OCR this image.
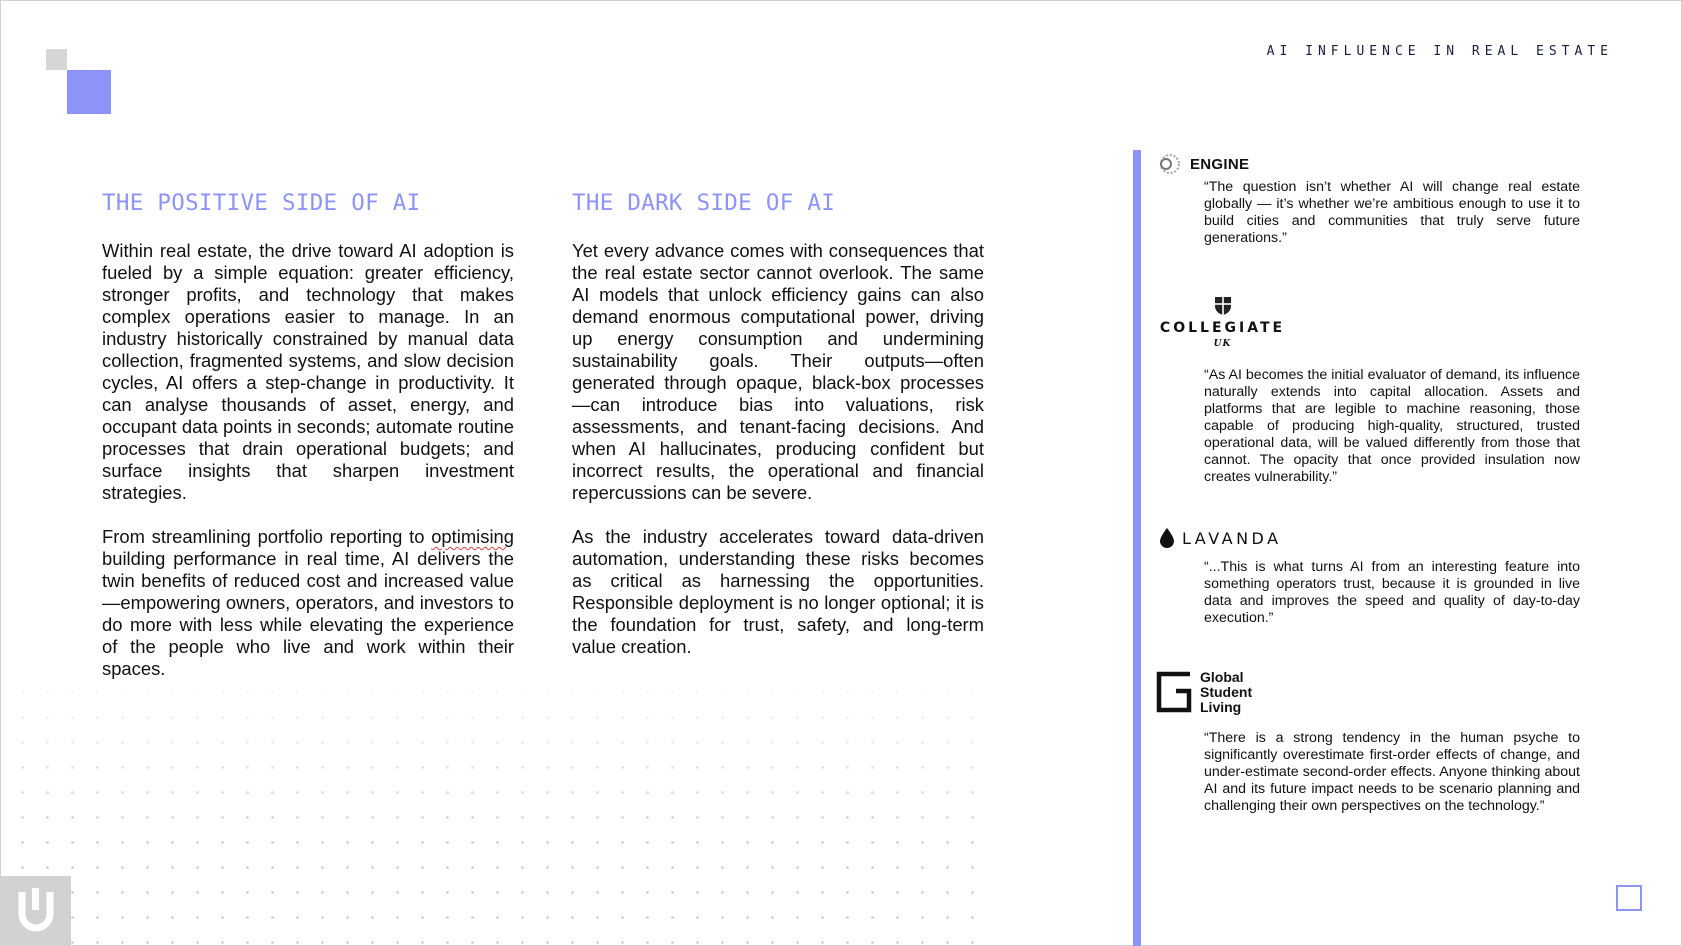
AI INFLUENCE IN REAL ESTATE
THE POSITIVE SIDE OF AI

Within real estate, the drive toward AI adoption is fueled by a simple equation: greater efficiency, stronger profits, and technology that makes complex operations easier to manage. In an industry historically constrained by manual data collection, fragmented systems, and slow decision cycles, AI offers a step-change in productivity. It can analyse thousands of asset, energy, and occupant data points in seconds; automate routine processes that drain operational budgets; and surface insights that sharpen investment strategies.

From streamlining portfolio reporting to optimising building performance in real time, AI delivers the twin benefits of reduced cost and increased value—empowering owners, operators, and investors to do more with less while elevating the experience of the people who live and work within their spaces.

THE DARK SIDE OF AI

Yet every advance comes with consequences that the real estate sector cannot overlook. The same AI models that unlock efficiency gains can also demand enormous computational power, driving up energy consumption and undermining sustainability goals. Their outputs—often generated through opaque, black-box processes—can introduce bias into valuations, risk assessments, and tenant-facing decisions. And when AI hallucinates, producing confident but incorrect results, the operational and financial repercussions can be severe.

As the industry accelerates toward data-driven automation, understanding these risks becomes as critical as harnessing the opportunities. Responsible deployment is no longer optional; it is the foundation for trust, safety, and long-term value creation.

ENGINE

“The question isn’t whether AI will change real estate globally — it’s whether we’re ambitious enough to use it to build cities and communities that truly serve future generations.”

COLLEGIATE
UK

“As AI becomes the initial evaluator of demand, its influence naturally extends into capital allocation. Assets and platforms that are legible to machine reasoning, those capable of producing high-quality, structured, trusted operational data, will be valued differently from those that cannot. The opacity that once provided insulation now creates vulnerability.”

LAVANDA

“...This is what turns AI from an interesting feature into something operators trust, because it is grounded in live data and improves the speed and quality of day-to-day execution.”

Global
Student
Living

“There is a strong tendency in the human psyche to significantly overestimate first-order effects of change, and under-estimate second-order effects. Anyone thinking about AI and its future impact needs to be scenario planning and challenging their own perspectives on the technology.”
